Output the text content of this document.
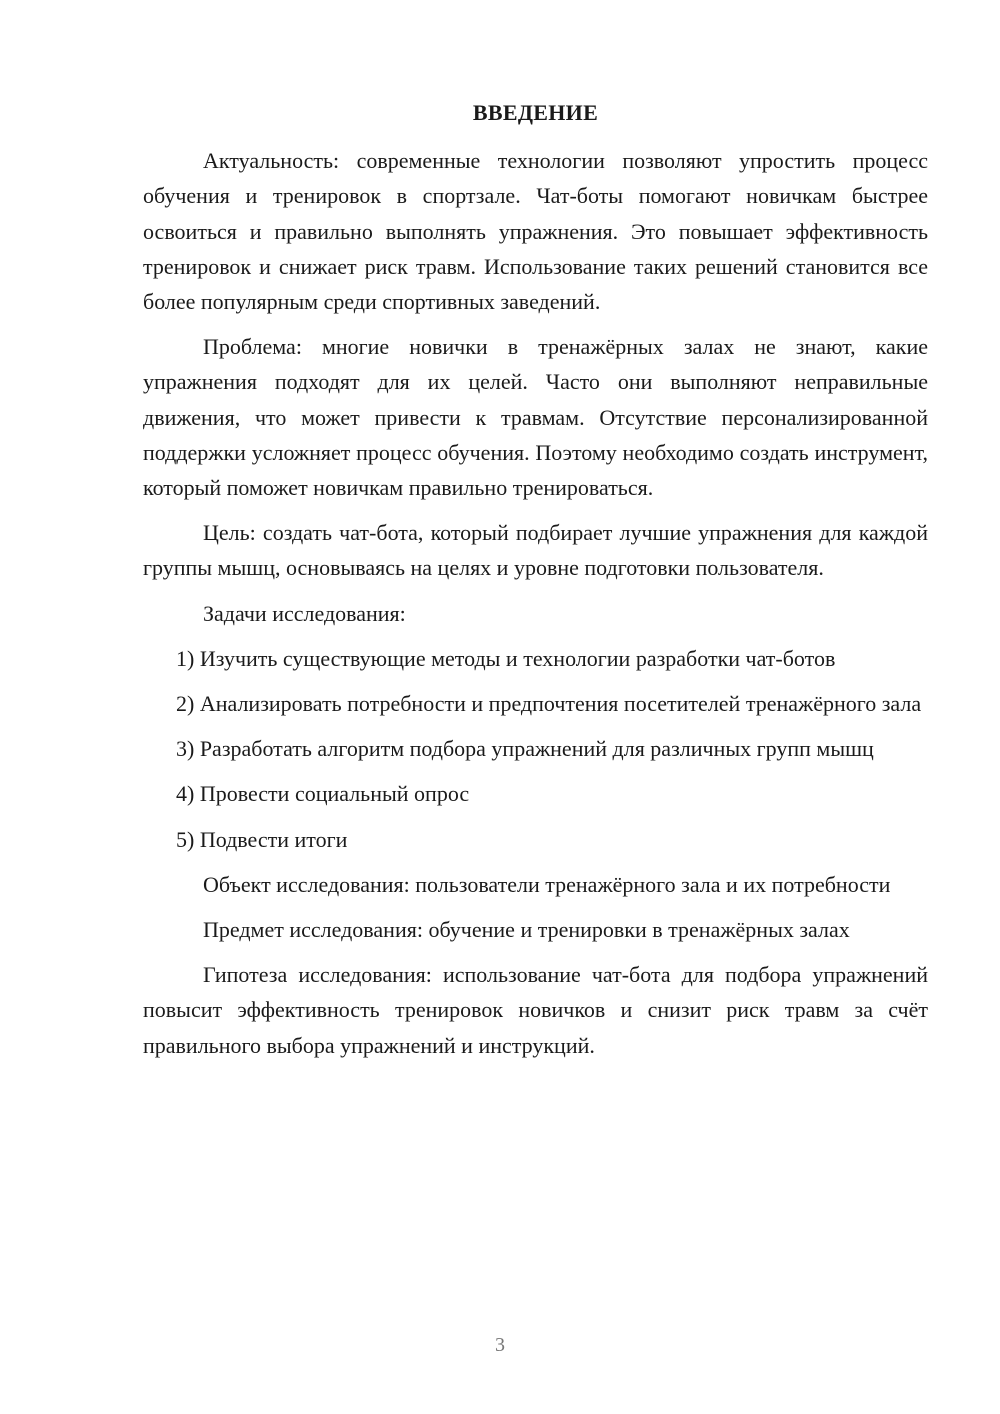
ВВЕДЕНИЕ

Актуальность: современные технологии позволяют упростить процесс обучения и тренировок в спортзале. Чат-боты помогают новичкам быстрее освоиться и правильно выполнять упражнения. Это повышает эффективность тренировок и снижает риск травм. Использование таких решений становится все более популярным среди спортивных заведений.

Проблема: многие новички в тренажёрных залах не знают, какие упражнения подходят для их целей. Часто они выполняют неправильные движения, что может привести к травмам. Отсутствие персонализированной поддержки усложняет процесс обучения. Поэтому необходимо создать инструмент, который поможет новичкам правильно тренироваться.

Цель: создать чат-бота, который подбирает лучшие упражнения для каждой группы мышц, основываясь на целях и уровне подготовки пользователя.

Задачи исследования:

1) Изучить существующие методы и технологии разработки чат-ботов

2) Анализировать потребности и предпочтения посетителей тренажёрного зала

3) Разработать алгоритм подбора упражнений для различных групп мышц

4) Провести социальный опрос

5) Подвести итоги

Объект исследования: пользователи тренажёрного зала и их потребности

Предмет исследования: обучение и тренировки в тренажёрных залах

Гипотеза исследования: использование чат-бота для подбора упражнений повысит эффективность тренировок новичков и снизит риск травм за счёт правильного выбора упражнений и инструкций.

3
